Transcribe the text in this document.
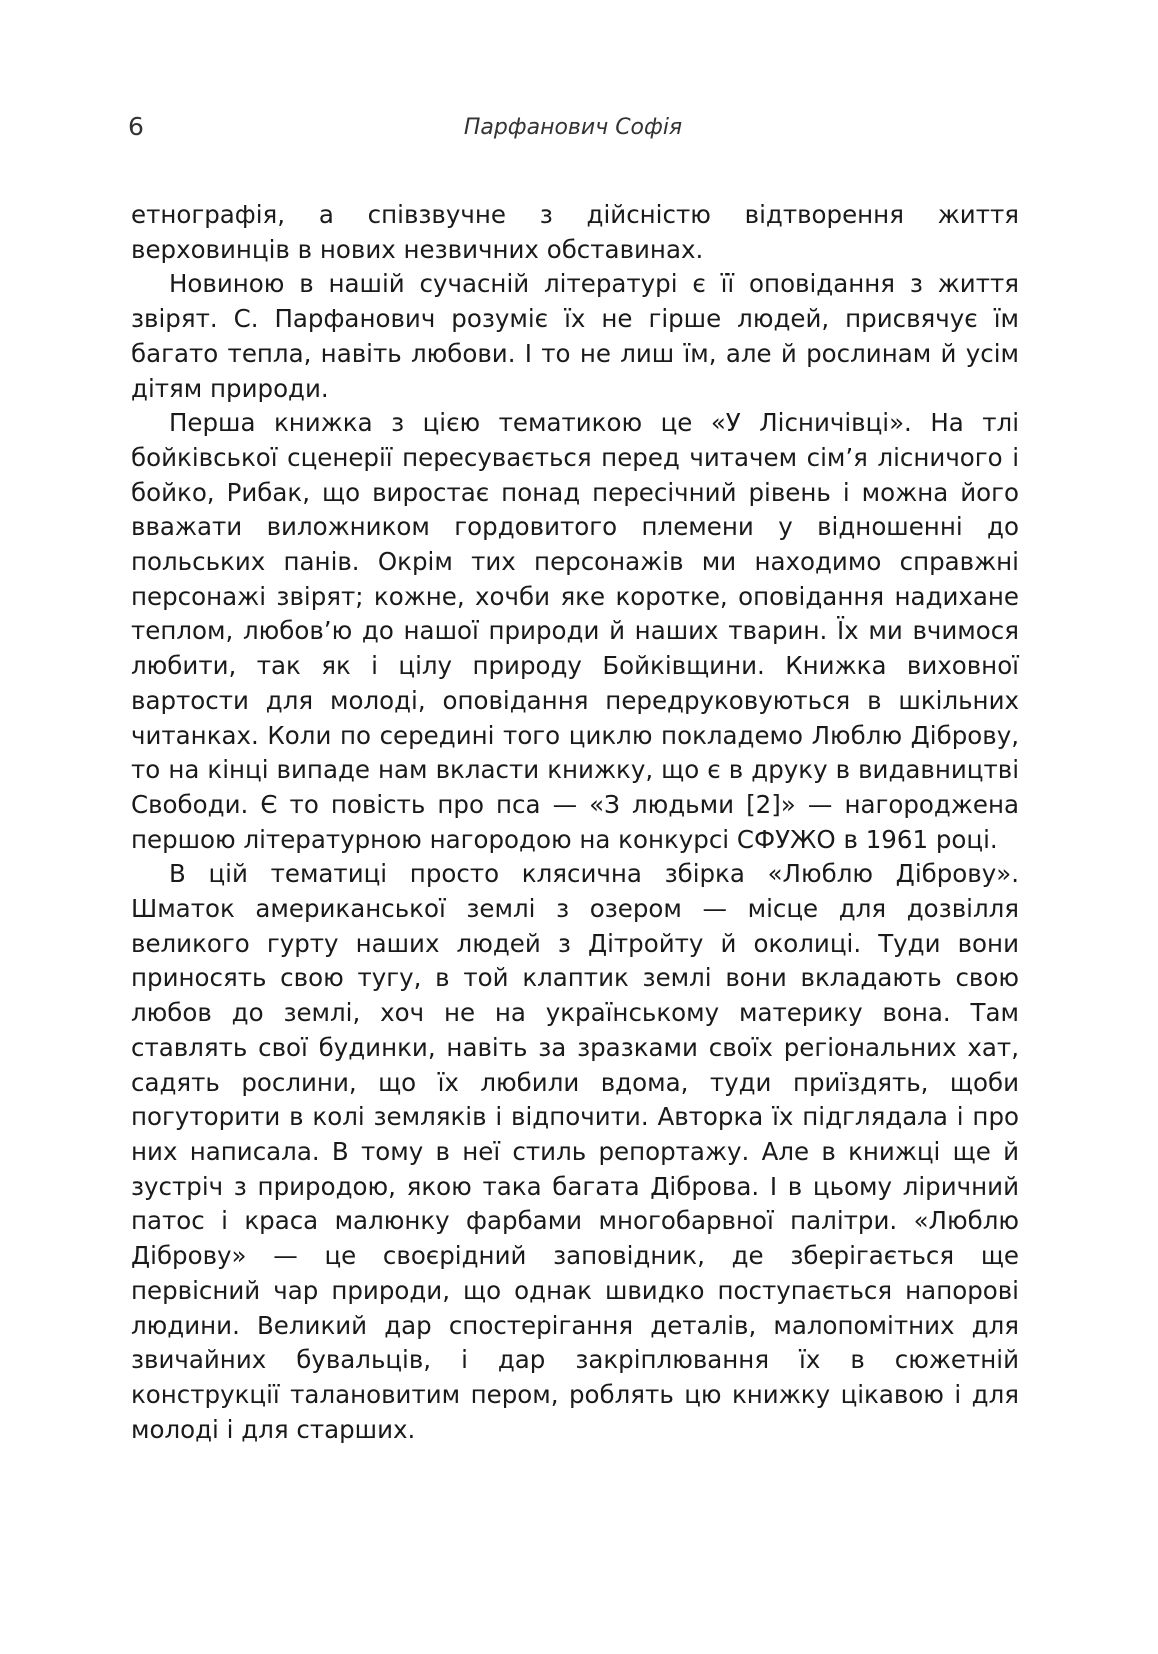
6	Парфанович Софія

етнографія, а співзвучне з дійсністю відтворення життя верховинців в нових незвичних обставинах.

Новиною в нашій сучасній літературі є її оповідання з життя звірят. С. Парфанович розуміє їх не гірше людей, присвячує їм багато тепла, навіть любови. І то не лиш їм, але й рослинам й усім дітям природи.

Перша книжка з цією тематикою це «У Лісничівці». На тлі бойківської сценерії пересувається перед читачем сім’я лісничого і бойко, Рибак, що виростає понад пересічний рівень і можна його вважати виложником гордовитого племени у відношенні до польських панів. Окрім тих персонажів ми находимо справжні персонажі звірят; кожне, хочби яке коротке, оповідання надихане теплом, любов’ю до нашої природи й наших тварин. Їх ми вчимося любити, так як і цілу природу Бойківщини. Книжка виховної вартости для молоді, оповідання передруковуються в шкільних читанках. Коли по середині того циклю покладемо Люблю Діброву, то на кінці випаде нам вкласти книжку, що є в друку в видавництві Свободи. Є то повість про пса — «З людьми [2]» — нагороджена першою літературною нагородою на конкурсі СФУЖО в 1961 році.

В цій тематиці просто клясична збірка «Люблю Діброву». Шматок американської землі з озером — місце для дозвілля великого гурту наших людей з Дітройту й околиці. Туди вони приносять свою тугу, в той клаптик землі вони вкладають свою любов до землі, хоч не на українському материку вона. Там ставлять свої будинки, навіть за зразками своїх регіональних хат, садять рослини, що їх любили вдома, туди приїздять, щоби погуторити в колі земляків і відпочити. Авторка їх підглядала і про них написала. В тому в неї стиль репортажу. Але в книжці ще й зустріч з природою, якою така багата Діброва. І в цьому ліричний патос і краса малюнку фарбами многобарвної палітри. «Люблю Діброву» — це своєрідний заповідник, де зберігається ще первісний чар природи, що однак швидко поступається напорові людини. Великий дар спостерігання деталів, малопомітних для звичайних бувальців, і дар закріплювання їх в сюжетній конструкції талановитим пером, роблять цю книжку цікавою і для молоді і для старших.
